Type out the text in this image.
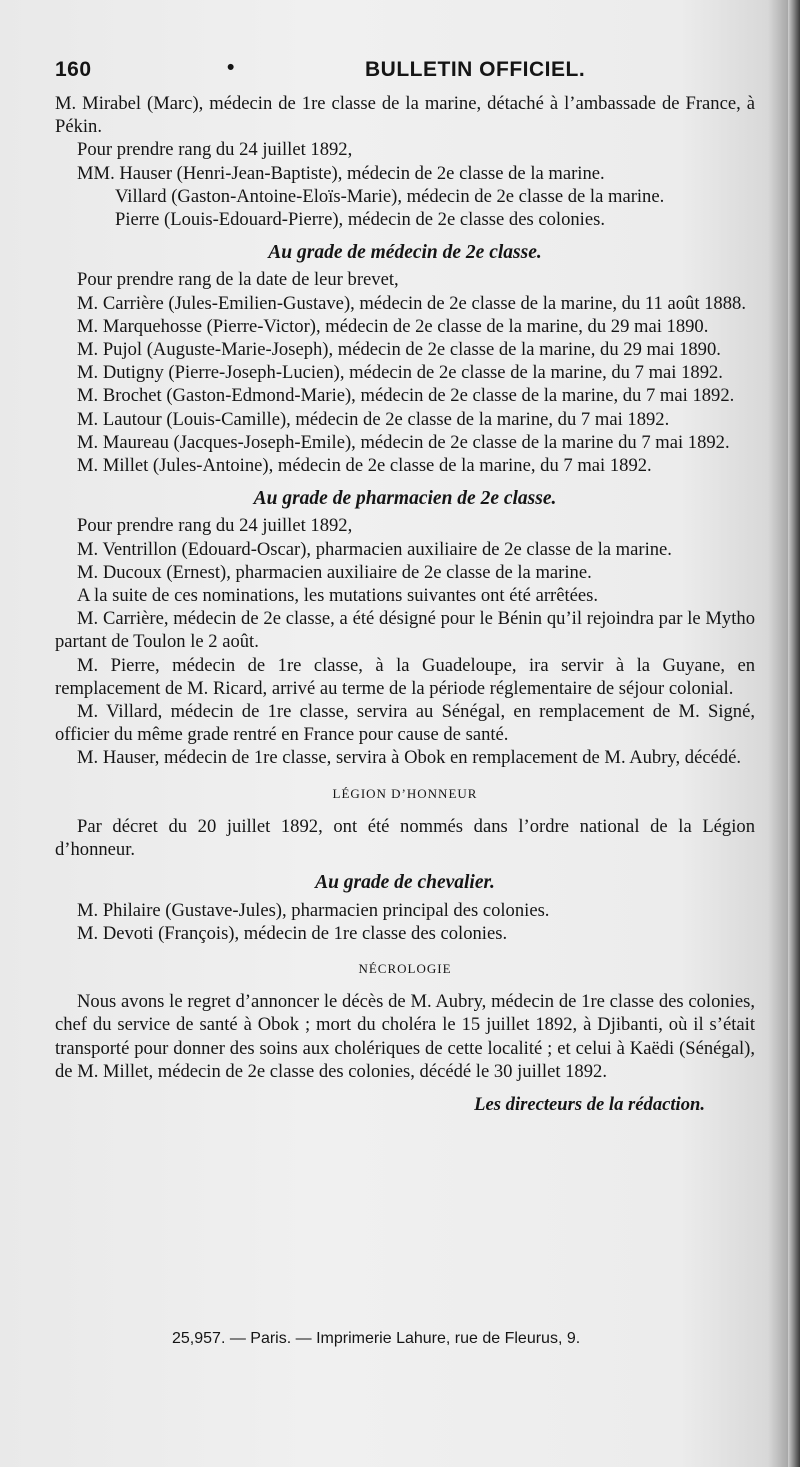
160	•	BULLETIN OFFICIEL.

M. Mirabel (Marc), médecin de 1re classe de la marine, détaché à l’ambassade de France, à Pékin.

Pour prendre rang du 24 juillet 1892,

MM. Hauser (Henri-Jean-Baptiste), médecin de 2e classe de la marine.

Villard (Gaston-Antoine-Eloïs-Marie), médecin de 2e classe de la marine.

Pierre (Louis-Edouard-Pierre), médecin de 2e classe des colonies.

Au grade de médecin de 2e classe.

Pour prendre rang de la date de leur brevet,

M. Carrière (Jules-Emilien-Gustave), médecin de 2e classe de la marine, du 11 août 1888.

M. Marquehosse (Pierre-Victor), médecin de 2e classe de la marine, du 29 mai 1890.

M. Pujol (Auguste-Marie-Joseph), médecin de 2e classe de la marine, du 29 mai 1890.

M. Dutigny (Pierre-Joseph-Lucien), médecin de 2e classe de la marine, du 7 mai 1892.

M. Brochet (Gaston-Edmond-Marie), médecin de 2e classe de la marine, du 7 mai 1892.

M. Lautour (Louis-Camille), médecin de 2e classe de la marine, du 7 mai 1892.

M. Maureau (Jacques-Joseph-Emile), médecin de 2e classe de la marine du 7 mai 1892.

M. Millet (Jules-Antoine), médecin de 2e classe de la marine, du 7 mai 1892.

Au grade de pharmacien de 2e classe.

Pour prendre rang du 24 juillet 1892,

M. Ventrillon (Edouard-Oscar), pharmacien auxiliaire de 2e classe de la marine.

M. Ducoux (Ernest), pharmacien auxiliaire de 2e classe de la marine.

A la suite de ces nominations, les mutations suivantes ont été arrêtées.

M. Carrière, médecin de 2e classe, a été désigné pour le Bénin qu’il rejoindra par le Mytho partant de Toulon le 2 août.

M. Pierre, médecin de 1re classe, à la Guadeloupe, ira servir à la Guyane, en remplacement de M. Ricard, arrivé au terme de la période réglementaire de séjour colonial.

M. Villard, médecin de 1re classe, servira au Sénégal, en remplacement de M. Signé, officier du même grade rentré en France pour cause de santé.

M. Hauser, médecin de 1re classe, servira à Obok en remplacement de M. Aubry, décédé.

LÉGION D’HONNEUR

Par décret du 20 juillet 1892, ont été nommés dans l’ordre national de la Légion d’honneur.

Au grade de chevalier.

M. Philaire (Gustave-Jules), pharmacien principal des colonies.

M. Devoti (François), médecin de 1re classe des colonies.

NÉCROLOGIE

Nous avons le regret d’annoncer le décès de M. Aubry, médecin de 1re classe des colonies, chef du service de santé à Obok ; mort du choléra le 15 juillet 1892, à Djibanti, où il s’était transporté pour donner des soins aux cholériques de cette localité ; et celui à Kaëdi (Sénégal), de M. Millet, médecin de 2e classe des colonies, décédé le 30 juillet 1892.

Les directeurs de la rédaction.

25,957. — Paris. — Imprimerie Lahure, rue de Fleurus, 9.
